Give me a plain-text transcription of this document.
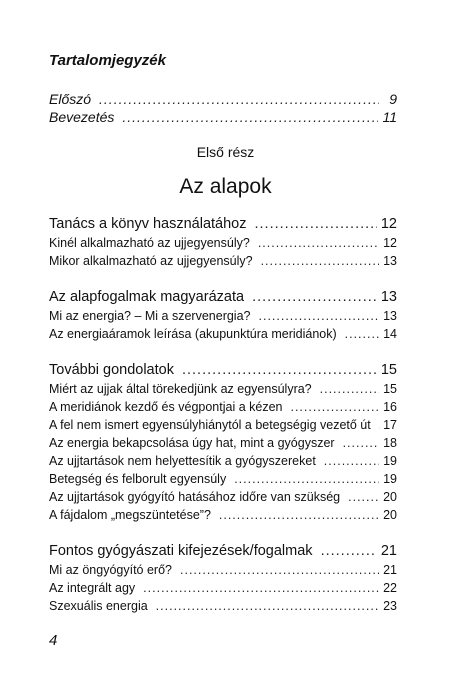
Tartalomjegyzék
Előszó .....	9
Bevezetés .....	11
Első rész
Az alapok
Tanács a könyv használatához .....	12
Kinél alkalmazható az ujjegyensúly? .....	12
Mikor alkalmazható az ujjegyensúly? .....	13
Az alapfogalmak magyarázata .....	13
Mi az energia? – Mi a szervenergia? .....	13
Az energiaáramok leírása (akupunktúra meridiánok) .....	14
További gondolatok .....	15
Miért az ujjak által törekedjünk az egyensúlyra? .....	15
A meridiánok kezdő és végpontjai a kézen .....	16
A fel nem ismert egyensúlyhiánytól a betegségig vezető út ..... 17
Az energia bekapcsolása úgy hat, mint a gyógyszer .....	18
Az ujjtartások nem helyettesítik a gyógyszereket .....	19
Betegség és felborult egyensúly .....	19
Az ujjtartások gyógyító hatásához időre van szükség .....	20
A fájdalom „megszüntetése”? .....	20
Fontos gyógyászati kifejezések/fogalmak .....	21
Mi az öngyógyító erő? .....	21
Az integrált agy .....	22
Szexuális energia .....	23
4
